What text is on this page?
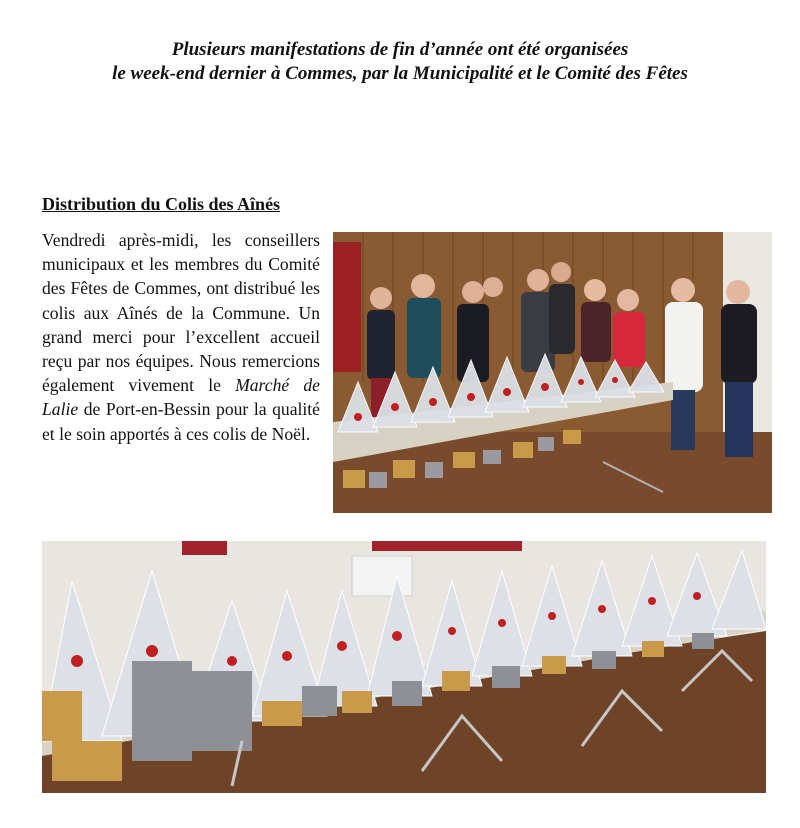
Plusieurs manifestations de fin d’année ont été organisées
le week-end dernier à Commes, par la Municipalité et le Comité des Fêtes
Distribution du Colis des Aînés
Vendredi après-midi, les conseillers municipaux et les membres du Comité des Fêtes de Commes, ont distribué les colis aux Aînés de la Commune. Un grand merci pour l’excellent accueil reçu par nos équipes. Nous remercions également vivement le Marché de Lalie de Port-en-Bessin pour la qualité et le soin apportés à ces colis de Noël.
